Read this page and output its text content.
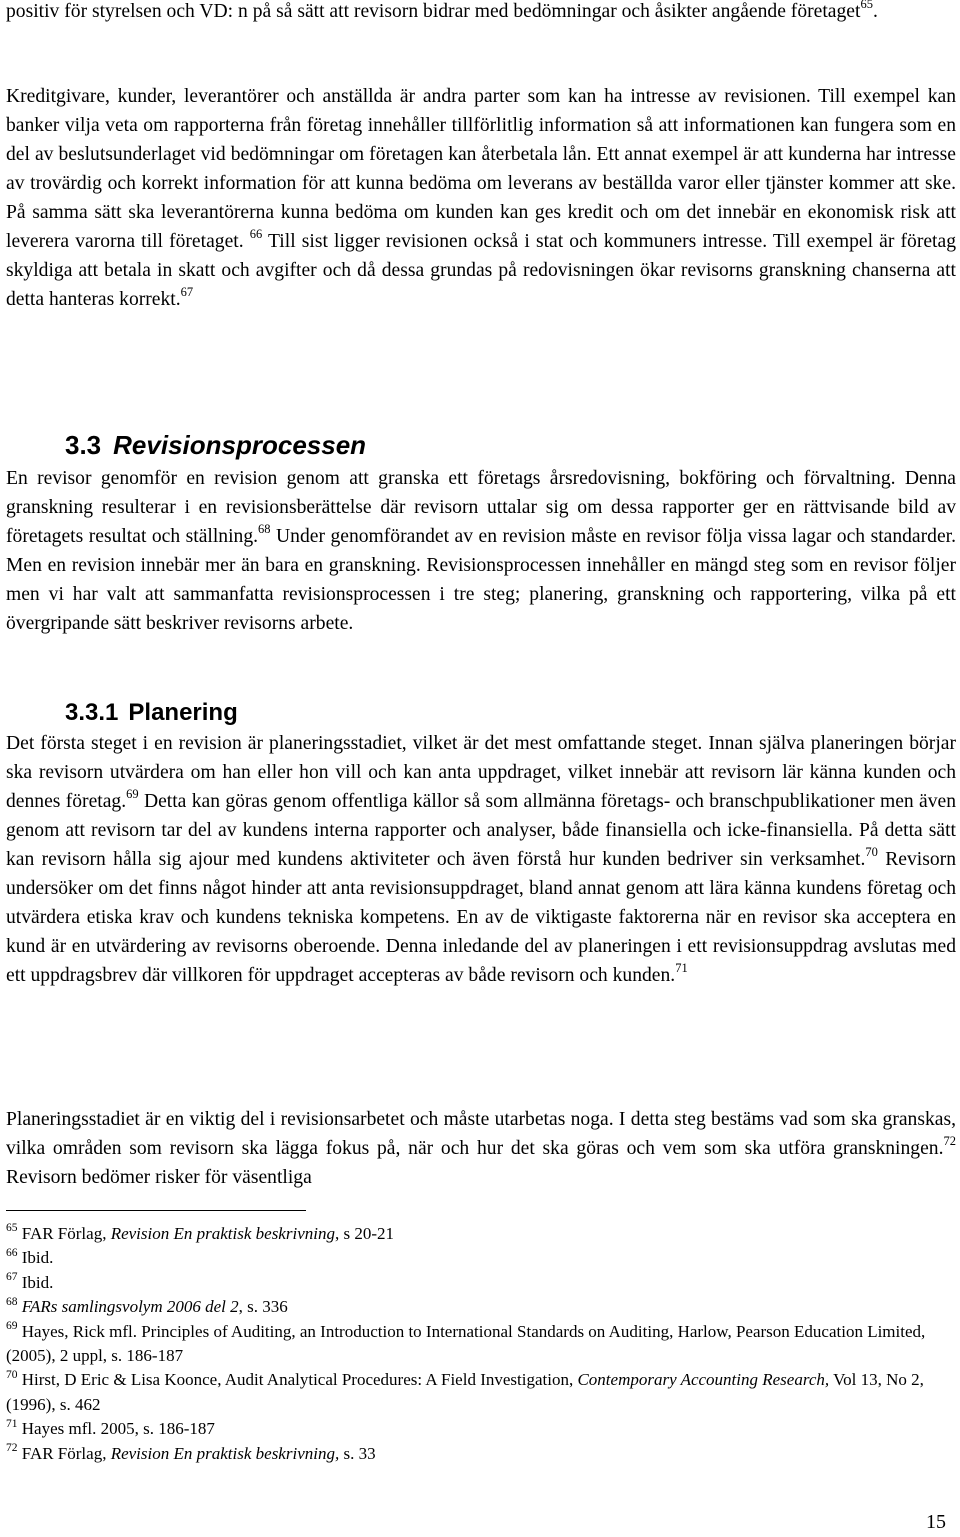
positiv för styrelsen och VD: n på så sätt att revisorn bidrar med bedömningar och åsikter angående företaget$^{65}$.

Kreditgivare, kunder, leverantörer och anställda är andra parter som kan ha intresse av revisionen. Till exempel kan banker vilja veta om rapporterna från företag innehåller tillförlitlig information så att informationen kan fungera som en del av beslutsunderlaget vid bedömningar om företagen kan återbetala lån. Ett annat exempel är att kunderna har intresse av trovärdig och korrekt information för att kunna bedöma om leverans av beställda varor eller tjänster kommer att ske. På samma sätt ska leverantörerna kunna bedöma om kunden kan ges kredit och om det innebär en ekonomisk risk att leverera varorna till företaget. $^{66}$ Till sist ligger revisionen också i stat och kommuners intresse. Till exempel är företag skyldiga att betala in skatt och avgifter och då dessa grundas på redovisningen ökar revisorns granskning chanserna att detta hanteras korrekt.$^{67}$

3.3 Revisionsprocessen

En revisor genomför en revision genom att granska ett företags årsredovisning, bokföring och förvaltning. Denna granskning resulterar i en revisionsberättelse där revisorn uttalar sig om dessa rapporter ger en rättvisande bild av företagets resultat och ställning.$^{68}$ Under genomförandet av en revision måste en revisor följa vissa lagar och standarder. Men en revision innebär mer än bara en granskning. Revisionsprocessen innehåller en mängd steg som en revisor följer men vi har valt att sammanfatta revisionsprocessen i tre steg; planering, granskning och rapportering, vilka på ett övergripande sätt beskriver revisorns arbete.

3.3.1 Planering

Det första steget i en revision är planeringsstadiet, vilket är det mest omfattande steget. Innan själva planeringen börjar ska revisorn utvärdera om han eller hon vill och kan anta uppdraget, vilket innebär att revisorn lär känna kunden och dennes företag.$^{69}$ Detta kan göras genom offentliga källor så som allmänna företags- och branschpublikationer men även genom att revisorn tar del av kundens interna rapporter och analyser, både finansiella och icke-finansiella. På detta sätt kan revisorn hålla sig ajour med kundens aktiviteter och även förstå hur kunden bedriver sin verksamhet.$^{70}$ Revisorn undersöker om det finns något hinder att anta revisionsuppdraget, bland annat genom att lära känna kundens företag och utvärdera etiska krav och kundens tekniska kompetens. En av de viktigaste faktorerna när en revisor ska acceptera en kund är en utvärdering av revisorns oberoende. Denna inledande del av planeringen i ett revisionsuppdrag avslutas med ett uppdragsbrev där villkoren för uppdraget accepteras av både revisorn och kunden.$^{71}$

Planeringsstadiet är en viktig del i revisionsarbetet och måste utarbetas noga. I detta steg bestäms vad som ska granskas, vilka områden som revisorn ska lägga fokus på, när och hur det ska göras och vem som ska utföra granskningen.$^{72}$ Revisorn bedömer risker för väsentliga

$^{65}$ FAR Förlag, Revision En praktisk beskrivning, s 20-21

$^{66}$ Ibid.

$^{67}$ Ibid.

$^{68}$ FARs samlingsvolym 2006 del 2, s. 336

$^{69}$ Hayes, Rick mfl. Principles of Auditing, an Introduction to International Standards on Auditing, Harlow, Pearson Education Limited, (2005), 2 uppl, s. 186-187

$^{70}$ Hirst, D Eric & Lisa Koonce, Audit Analytical Procedures: A Field Investigation, Contemporary Accounting Research, Vol 13, No 2, (1996), s. 462

$^{71}$ Hayes mfl. 2005, s. 186-187

$^{72}$ FAR Förlag, Revision En praktisk beskrivning, s. 33

15
